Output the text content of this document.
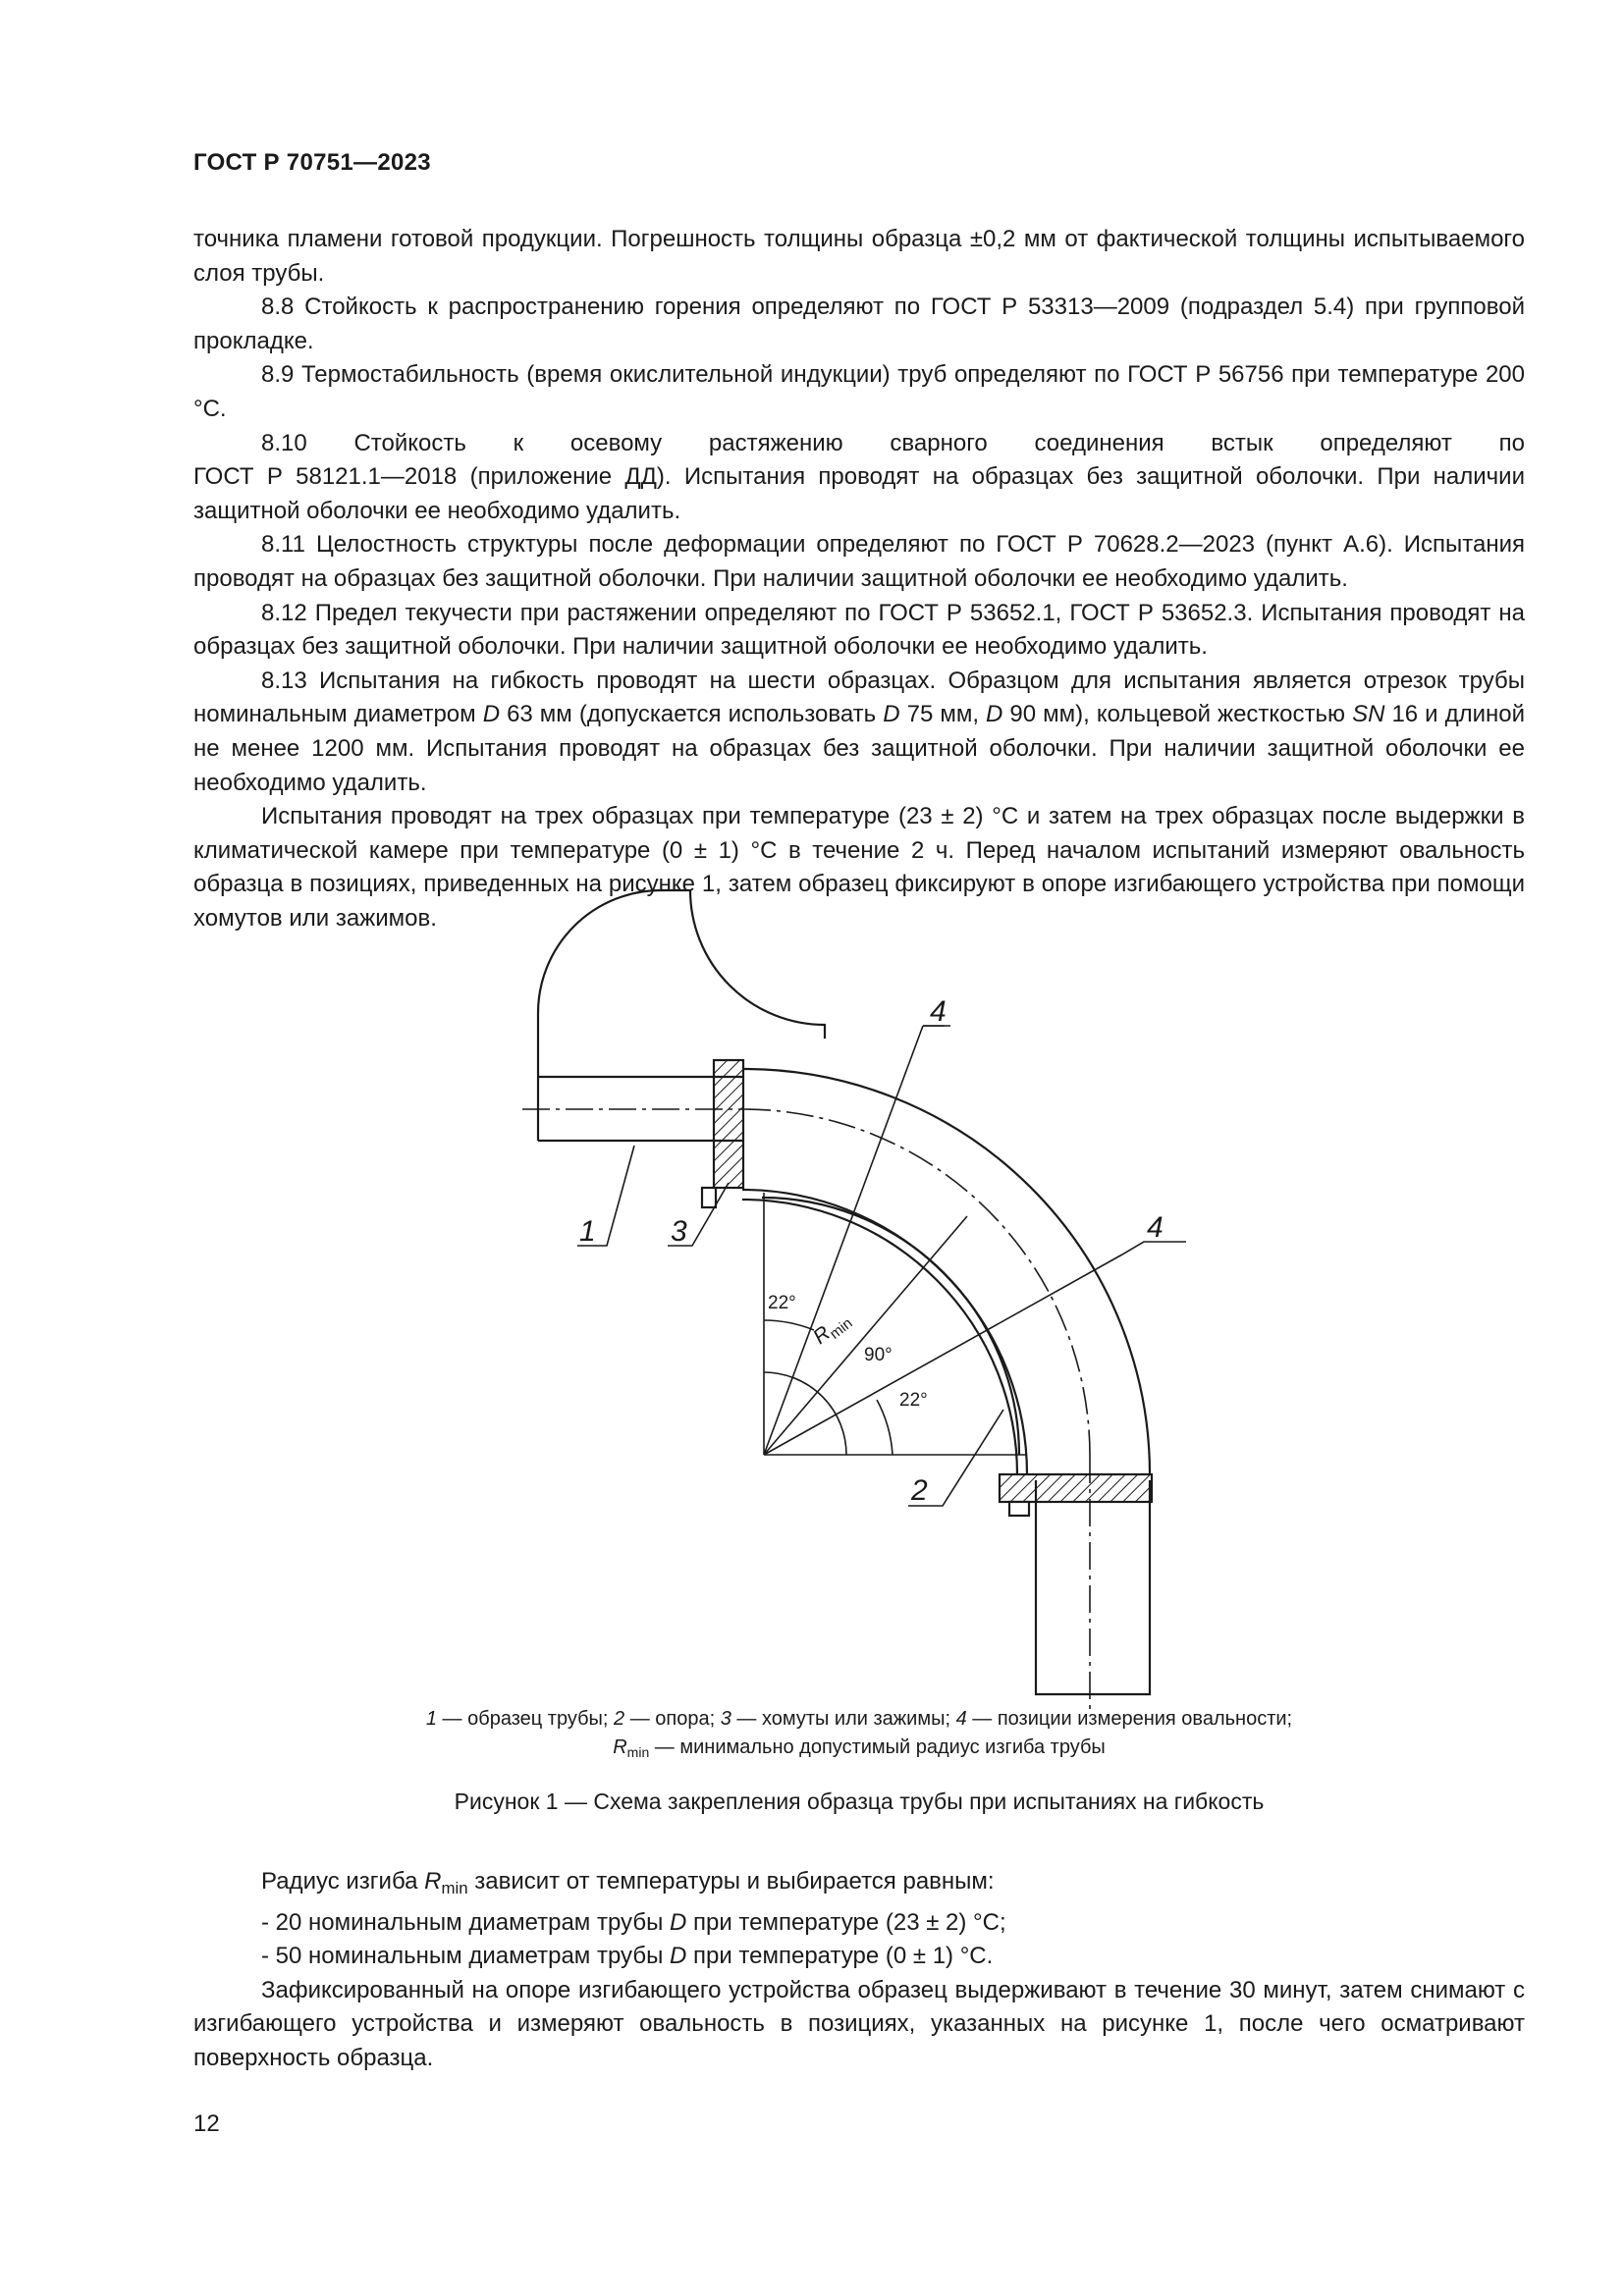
ГОСТ Р 70751—2023

точника пламени готовой продукции. Погрешность толщины образца ±0,2 мм от фактической толщины испытываемого слоя трубы.

8.8 Стойкость к распространению горения определяют по ГОСТ Р 53313—2009 (подраздел 5.4) при групповой прокладке.

8.9 Термостабильность (время окислительной индукции) труб определяют по ГОСТ Р 56756 при температуре 200 °С.

8.10 Стойкость к осевому растяжению сварного соединения встык определяют по

ГОСТ Р 58121.1—2018 (приложение ДД). Испытания проводят на образцах без защитной оболочки. При наличии защитной оболочки ее необходимо удалить.

8.11 Целостность структуры после деформации определяют по ГОСТ Р 70628.2—2023 (пункт А.6). Испытания проводят на образцах без защитной оболочки. При наличии защитной оболочки ее необходимо удалить.

8.12 Предел текучести при растяжении определяют по ГОСТ Р 53652.1, ГОСТ Р 53652.3. Испытания проводят на образцах без защитной оболочки. При наличии защитной оболочки ее необходимо удалить.

8.13 Испытания на гибкость проводят на шести образцах. Образцом для испытания является отрезок трубы номинальным диаметром D 63 мм (допускается использовать D 75 мм, D 90 мм), кольцевой жесткостью SN 16 и длиной не менее 1200 мм. Испытания проводят на образцах без защитной оболочки. При наличии защитной оболочки ее необходимо удалить.

Испытания проводят на трех образцах при температуре (23 ± 2) °С и затем на трех образцах после выдержки в климатической камере при температуре (0 ± 1) °С в течение 2 ч. Перед началом испытаний измеряют овальность образца в позициях, приведенных на рисунке 1, затем образец фиксируют в опоре изгибающего устройства при помощи хомутов или зажимов.

1	3
2
4
4
22°
90°
22°
$R_{min}$

1 — образец трубы; 2 — опора; 3 — хомуты или зажимы; 4 — позиции измерения овальности;

$R_{min}$ — минимально допустимый радиус изгиба трубы

Рисунок 1 — Схема закрепления образца трубы при испытаниях на гибкость

Радиус изгиба $R_{min}$ зависит от температуры и выбирается равным:

- 20 номинальным диаметрам трубы D при температуре (23 ± 2) °С;

- 50 номинальным диаметрам трубы D при температуре (0 ± 1) °С.

Зафиксированный на опоре изгибающего устройства образец выдерживают в течение 30 минут, затем снимают с изгибающего устройства и измеряют овальность в позициях, указанных на рисунке 1, после чего осматривают поверхность образца.

12
